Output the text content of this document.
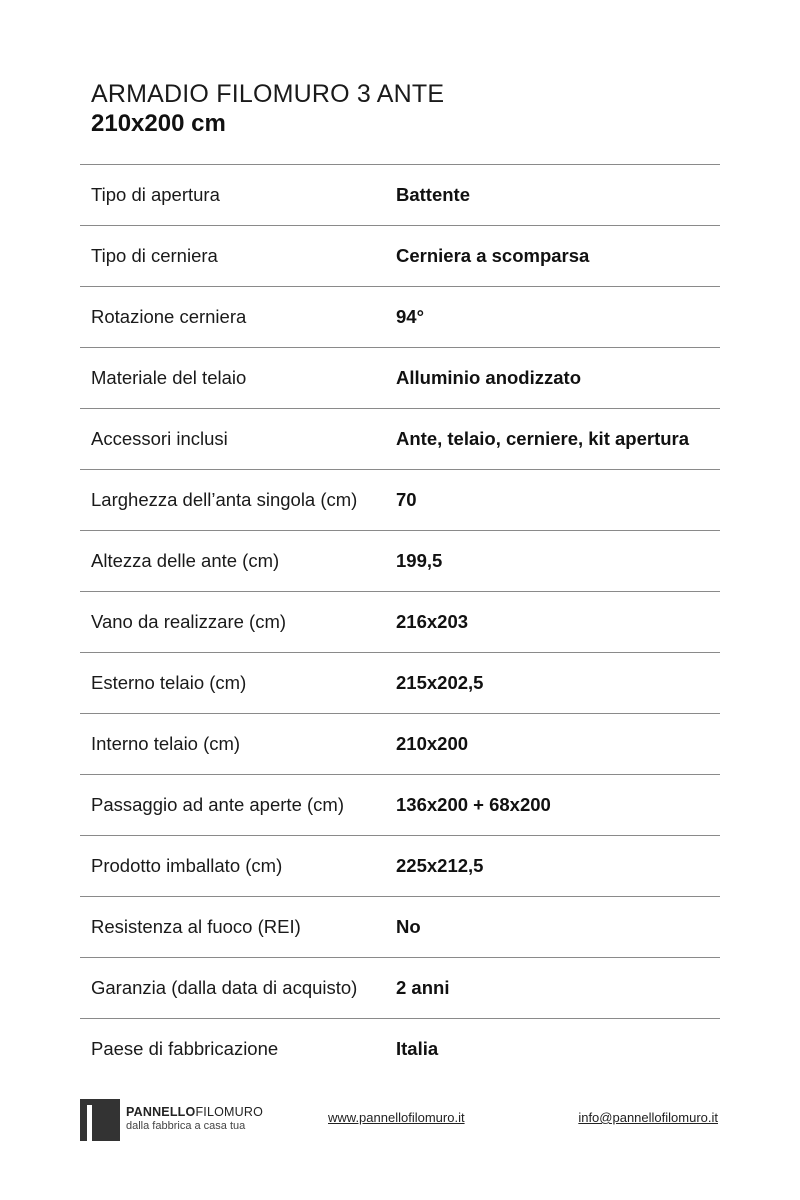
ARMADIO FILOMURO 3 ANTE
210x200 cm
Tipo di apertura	Battente
Tipo di cerniera	Cerniera a scomparsa
Rotazione cerniera	94°
Materiale del telaio	Alluminio anodizzato
Accessori inclusi	Ante, telaio, cerniere, kit apertura
Larghezza dell’anta singola (cm)	70
Altezza delle ante (cm)	199,5
Vano da realizzare (cm)	216x203
Esterno telaio (cm)	215x202,5
Interno telaio (cm)	210x200
Passaggio ad ante aperte (cm)	136x200 + 68x200
Prodotto imballato (cm)	225x212,5
Resistenza al fuoco (REI)	No
Garanzia (dalla data di acquisto)	2 anni
Paese di fabbricazione	Italia
PANNELLOFILOMURO
dalla fabbrica a casa tua
www.pannellofilomuro.it	info@pannellofilomuro.it
